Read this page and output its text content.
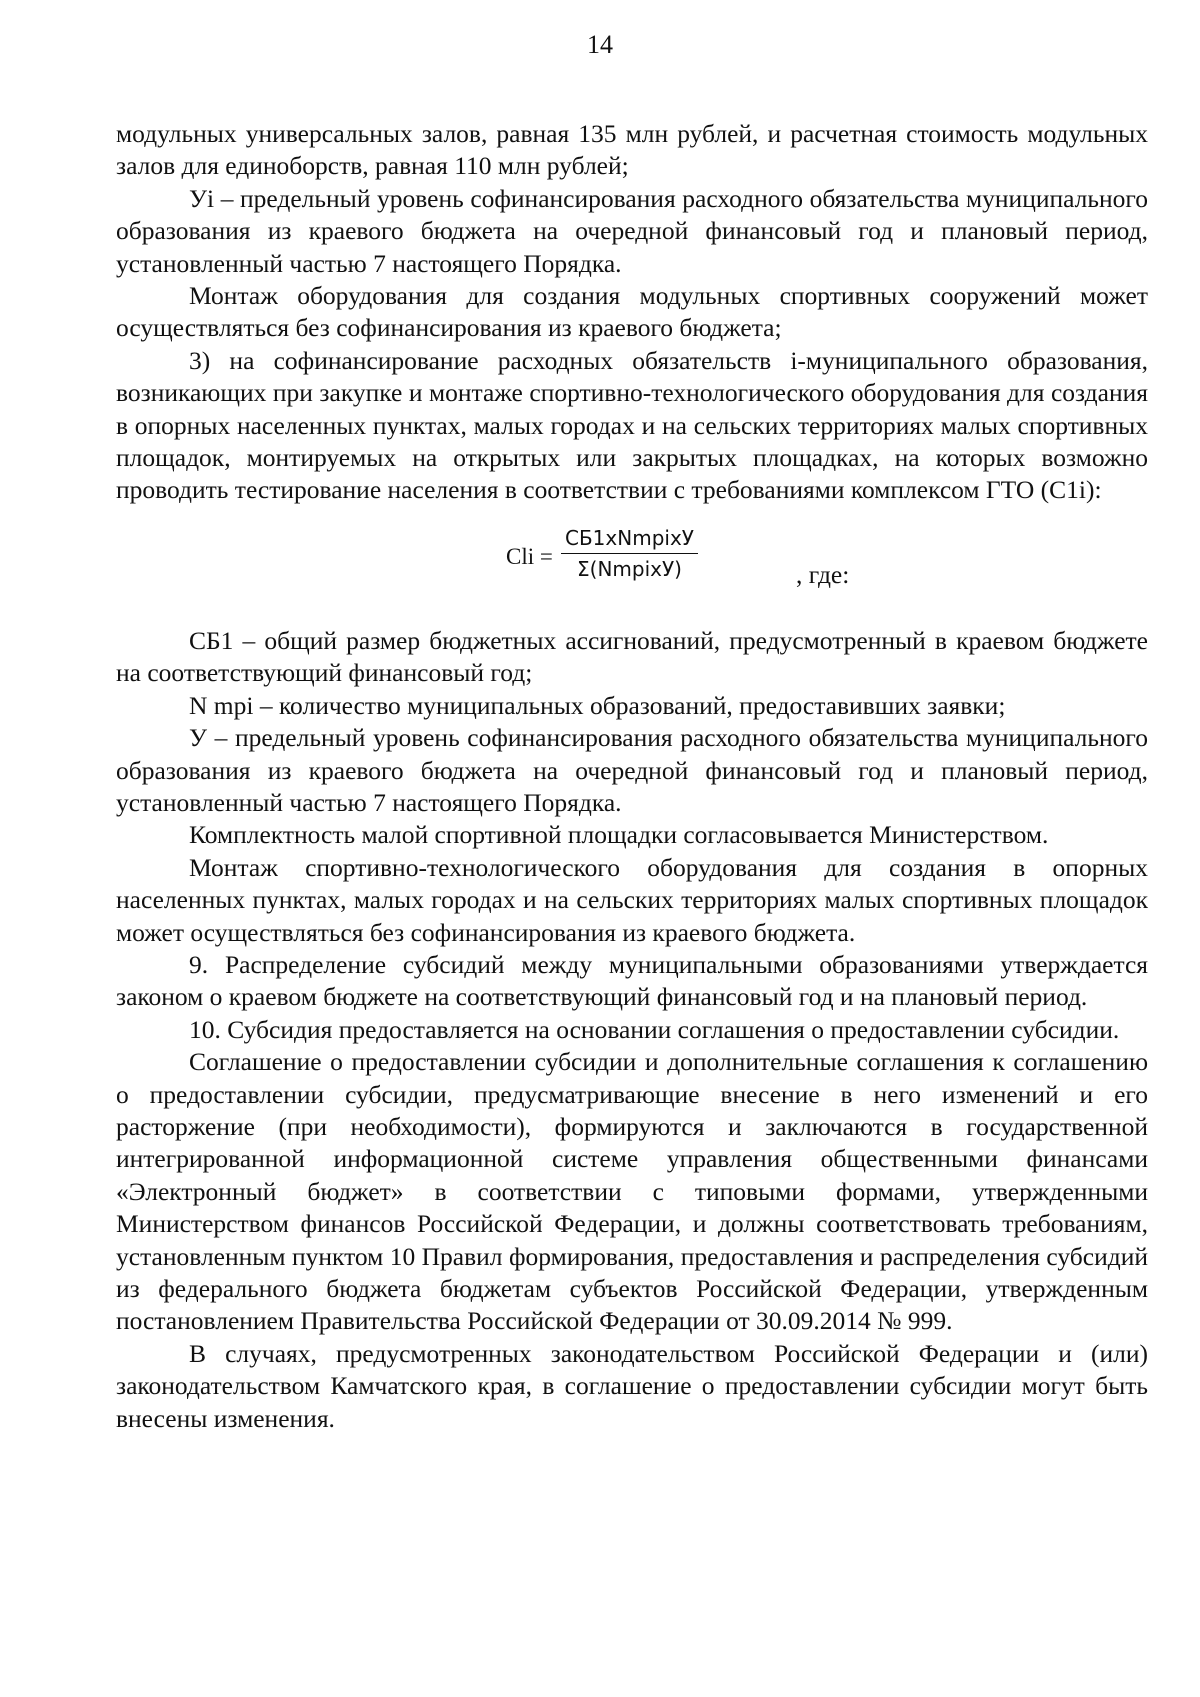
14

модульных универсальных залов, равная 135 млн рублей, и расчетная стоимость модульных залов для единоборств, равная 110 млн рублей;

Уi – предельный уровень софинансирования расходного обязательства муниципального образования из краевого бюджета на очередной финансовый год и плановый период, установленный частью 7 настоящего Порядка.

Монтаж оборудования для создания модульных спортивных сооружений может осуществляться без софинансирования из краевого бюджета;

3) на софинансирование расходных обязательств i-муниципального образования, возникающих при закупке и монтаже спортивно-технологического оборудования для создания в опорных населенных пунктах, малых городах и на сельских территориях малых спортивных площадок, монтируемых на открытых или закрытых площадках, на которых возможно проводить тестирование населения в соответствии с требованиями комплексом ГТО (С1i):

Сli =
СБ1хNmpiхУ
Σ(NmpiхУ)	, где:

СБ1 – общий размер бюджетных ассигнований, предусмотренный в краевом бюджете на соответствующий финансовый год;

N mpi – количество муниципальных образований, предоставивших заявки;

У – предельный уровень софинансирования расходного обязательства муниципального образования из краевого бюджета на очередной финансовый год и плановый период, установленный частью 7 настоящего Порядка.

Комплектность малой спортивной площадки согласовывается Министерством.

Монтаж спортивно-технологического оборудования для создания в опорных населенных пунктах, малых городах и на сельских территориях малых спортивных площадок может осуществляться без софинансирования из краевого бюджета.

9. Распределение субсидий между муниципальными образованиями утверждается законом о краевом бюджете на соответствующий финансовый год и на плановый период.

10. Субсидия предоставляется на основании соглашения о предоставлении субсидии.

Соглашение о предоставлении субсидии и дополнительные соглашения к соглашению о предоставлении субсидии, предусматривающие внесение в него изменений и его расторжение (при необходимости), формируются и заключаются в государственной интегрированной информационной системе управления общественными финансами «Электронный бюджет» в соответствии с типовыми формами, утвержденными Министерством финансов Российской Федерации, и должны соответствовать требованиям, установленным пунктом 10 Правил формирования, предоставления и распределения субсидий из федерального бюджета бюджетам субъектов Российской Федерации, утвержденным постановлением Правительства Российской Федерации от 30.09.2014 № 999.

В случаях, предусмотренных законодательством Российской Федерации и (или) законодательством Камчатского края, в соглашение о предоставлении субсидии могут быть внесены изменения.
